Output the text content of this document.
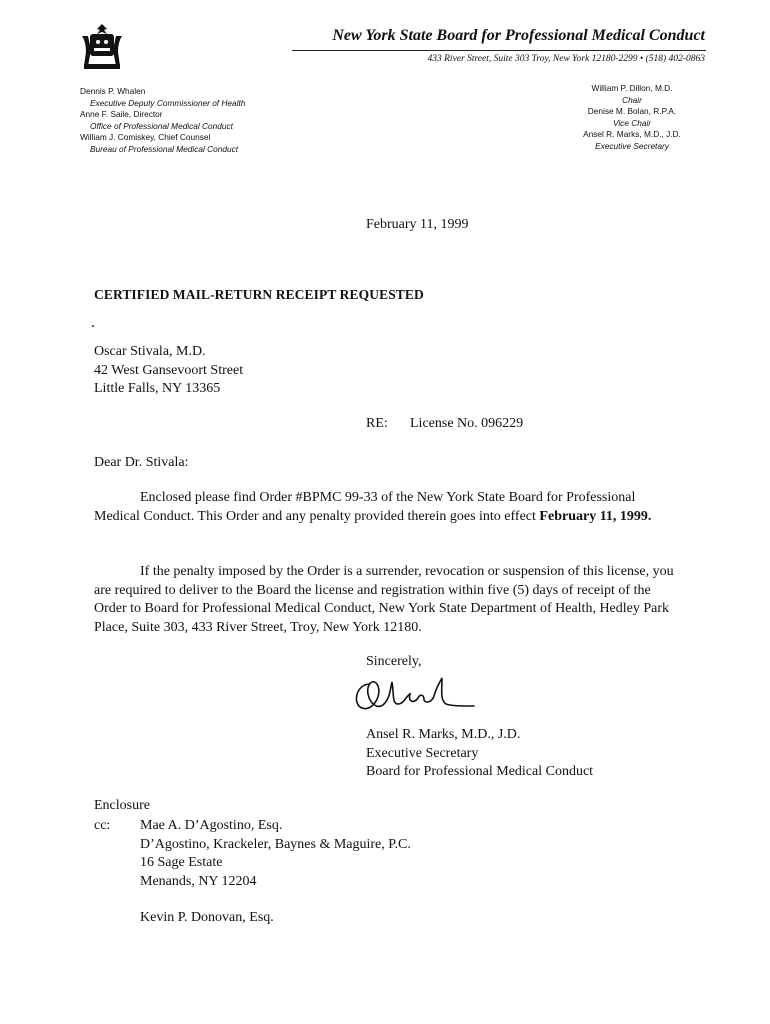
New York State Board for Professional Medical Conduct
433 River Street, Suite 303 Troy, New York 12180-2299 • (518) 402-0863
Dennis P. Whalen
Executive Deputy Commissioner of Health
Anne F. Saile, Director
Office of Professional Medical Conduct
William J. Comiskey, Chief Counsel
Bureau of Professional Medical Conduct
William P. Dillon, M.D.
Chair
Denise M. Bolan, R.P.A.
Vice Chair
Ansel R. Marks, M.D., J.D.
Executive Secretary
February 11, 1999
CERTIFIED MAIL-RETURN RECEIPT REQUESTED
Oscar Stivala, M.D.
42 West Gansevoort Street
Little Falls, NY 13365
RE: License No. 096229
Dear Dr. Stivala:
Enclosed please find Order #BPMC 99-33 of the New York State Board for Professional Medical Conduct. This Order and any penalty provided therein goes into effect February 11, 1999.
If the penalty imposed by the Order is a surrender, revocation or suspension of this license, you are required to deliver to the Board the license and registration within five (5) days of receipt of the Order to Board for Professional Medical Conduct, New York State Department of Health, Hedley Park Place, Suite 303, 433 River Street, Troy, New York 12180.
Sincerely,
Ansel R. Marks, M.D., J.D.
Executive Secretary
Board for Professional Medical Conduct
Enclosure
cc: Mae A. D’Agostino, Esq.
D’Agostino, Krackeler, Baynes & Maguire, P.C.
16 Sage Estate
Menands, NY 12204
Kevin P. Donovan, Esq.
